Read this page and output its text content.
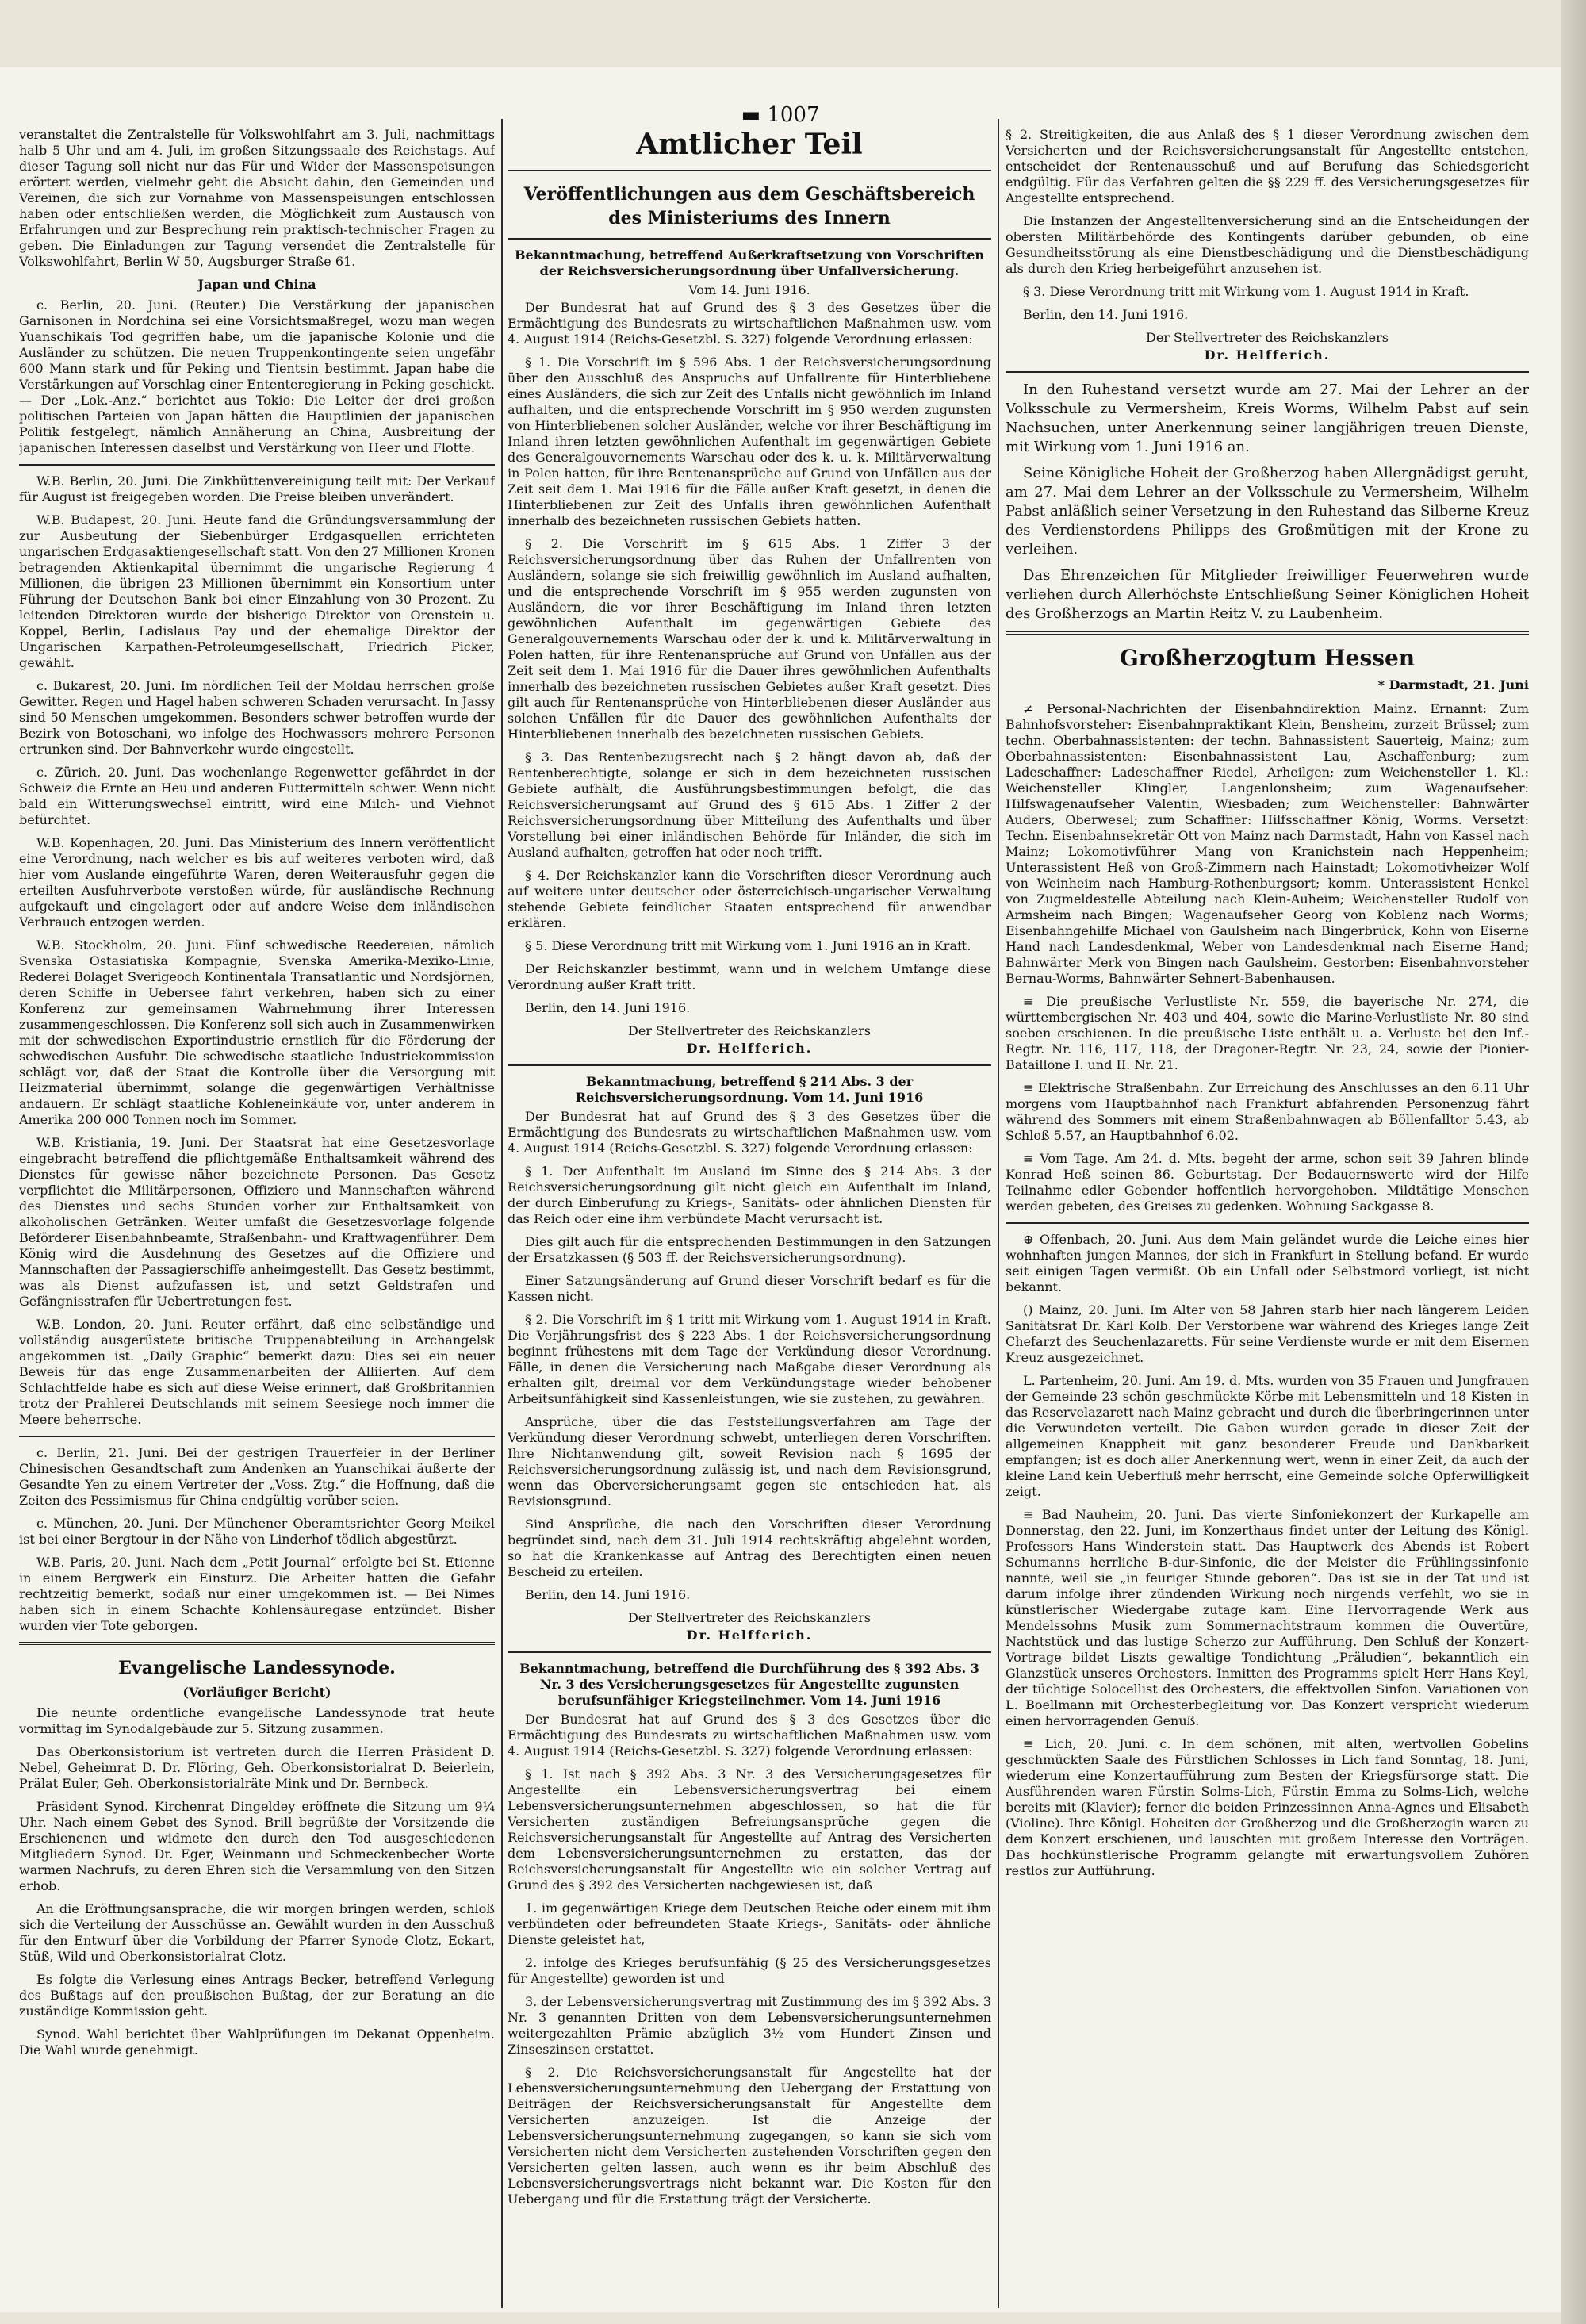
▬ 1007

veranstaltet die Zentralstelle für Volkswohlfahrt am 3. Juli, nachmittags halb 5 Uhr und am 4. Juli, im großen Sitzungssaale des Reichstags. Auf dieser Tagung soll nicht nur das Für und Wider der Massenspeisungen erörtert werden, vielmehr geht die Absicht dahin, den Gemeinden und Vereinen, die sich zur Vornahme von Massenspeisungen entschlossen haben oder entschließen werden, die Möglichkeit zum Austausch von Erfahrungen und zur Besprechung rein praktisch-technischer Fragen zu geben. Die Einladungen zur Tagung versendet die Zentralstelle für Volkswohlfahrt, Berlin W 50, Augsburger Straße 61.

Japan und China

c. Berlin, 20. Juni. (Reuter.) Die Verstärkung der japanischen Garnisonen in Nordchina sei eine Vorsichtsmaßregel, wozu man wegen Yuanschikais Tod gegriffen habe, um die japanische Kolonie und die Ausländer zu schützen. Die neuen Truppenkontingente seien ungefähr 600 Mann stark und für Peking und Tientsin bestimmt. Japan habe die Verstärkungen auf Vorschlag einer Ententeregierung in Peking geschickt. — Der „Lok.-Anz.“ berichtet aus Tokio: Die Leiter der drei großen politischen Parteien von Japan hätten die Hauptlinien der japanischen Politik festgelegt, nämlich Annäherung an China, Ausbreitung der japanischen Interessen daselbst und Verstärkung von Heer und Flotte.

W.B. Berlin, 20. Juni. Die Zinkhüttenvereinigung teilt mit: Der Verkauf für August ist freigegeben worden. Die Preise bleiben unverändert.

W.B. Budapest, 20. Juni. Heute fand die Gründungsversammlung der zur Ausbeutung der Siebenbürger Erdgasquellen errichteten ungarischen Erdgasaktiengesellschaft statt. Von den 27 Millionen Kronen betragenden Aktienkapital übernimmt die ungarische Regierung 4 Millionen, die übrigen 23 Millionen übernimmt ein Konsortium unter Führung der Deutschen Bank bei einer Einzahlung von 30 Prozent. Zu leitenden Direktoren wurde der bisherige Direktor von Orenstein u. Koppel, Berlin, Ladislaus Pay und der ehemalige Direktor der Ungarischen Karpathen-Petroleumgesellschaft, Friedrich Picker, gewählt.

c. Bukarest, 20. Juni. Im nördlichen Teil der Moldau herrschen große Gewitter. Regen und Hagel haben schweren Schaden verursacht. In Jassy sind 50 Menschen umgekommen. Besonders schwer betroffen wurde der Bezirk von Botoschani, wo infolge des Hochwassers mehrere Personen ertrunken sind. Der Bahnverkehr wurde eingestellt.

c. Zürich, 20. Juni. Das wochenlange Regenwetter gefährdet in der Schweiz die Ernte an Heu und anderen Futtermitteln schwer. Wenn nicht bald ein Witterungswechsel eintritt, wird eine Milch- und Viehnot befürchtet.

W.B. Kopenhagen, 20. Juni. Das Ministerium des Innern veröffentlicht eine Verordnung, nach welcher es bis auf weiteres verboten wird, daß hier vom Auslande eingeführte Waren, deren Weiterausfuhr gegen die erteilten Ausfuhrverbote verstoßen würde, für ausländische Rechnung aufgekauft und eingelagert oder auf andere Weise dem inländischen Verbrauch entzogen werden.

W.B. Stockholm, 20. Juni. Fünf schwedische Reedereien, nämlich Svenska Ostasiatiska Kompagnie, Svenska Amerika-Mexiko-Linie, Rederei Bolaget Sverigeoch Kontinentala Transatlantic und Nordsjörnen, deren Schiffe in Uebersee fahrt verkehren, haben sich zu einer Konferenz zur gemeinsamen Wahrnehmung ihrer Interessen zusammengeschlossen. Die Konferenz soll sich auch in Zusammenwirken mit der schwedischen Exportindustrie ernstlich für die Förderung der schwedischen Ausfuhr. Die schwedische staatliche Industriekommission schlägt vor, daß der Staat die Kontrolle über die Versorgung mit Heizmaterial übernimmt, solange die gegenwärtigen Verhältnisse andauern. Er schlägt staatliche Kohleneinkäufe vor, unter anderem in Amerika 200 000 Tonnen noch im Sommer.

W.B. Kristiania, 19. Juni. Der Staatsrat hat eine Gesetzesvorlage eingebracht betreffend die pflichtgemäße Enthaltsamkeit während des Dienstes für gewisse näher bezeichnete Personen. Das Gesetz verpflichtet die Militärpersonen, Offiziere und Mannschaften während des Dienstes und sechs Stunden vorher zur Enthaltsamkeit von alkoholischen Getränken. Weiter umfaßt die Gesetzesvorlage folgende Beförderer Eisenbahnbeamte, Straßenbahn- und Kraftwagenführer. Dem König wird die Ausdehnung des Gesetzes auf die Offiziere und Mannschaften der Passagierschiffe anheimgestellt. Das Gesetz bestimmt, was als Dienst aufzufassen ist, und setzt Geldstrafen und Gefängnisstrafen für Uebertretungen fest.

W.B. London, 20. Juni. Reuter erfährt, daß eine selbständige und vollständig ausgerüstete britische Truppenabteilung in Archangelsk angekommen ist. „Daily Graphic“ bemerkt dazu: Dies sei ein neuer Beweis für das enge Zusammenarbeiten der Alliierten. Auf dem Schlachtfelde habe es sich auf diese Weise erinnert, daß Großbritannien trotz der Prahlerei Deutschlands mit seinem Seesiege noch immer die Meere beherrsche.

c. Berlin, 21. Juni. Bei der gestrigen Trauerfeier in der Berliner Chinesischen Gesandtschaft zum Andenken an Yuanschikai äußerte der Gesandte Yen zu einem Vertreter der „Voss. Ztg.“ die Hoffnung, daß die Zeiten des Pessimismus für China endgültig vorüber seien.

c. München, 20. Juni. Der Münchener Oberamtsrichter Georg Meikel ist bei einer Bergtour in der Nähe von Linderhof tödlich abgestürzt.

W.B. Paris, 20. Juni. Nach dem „Petit Journal“ erfolgte bei St. Etienne in einem Bergwerk ein Einsturz. Die Arbeiter hatten die Gefahr rechtzeitig bemerkt, sodaß nur einer umgekommen ist. — Bei Nimes haben sich in einem Schachte Kohlensäuregase entzündet. Bisher wurden vier Tote geborgen.

Evangelische Landessynode.
(Vorläufiger Bericht)

Die neunte ordentliche evangelische Landessynode trat heute vormittag im Synodalgebäude zur 5. Sitzung zusammen.

Das Oberkonsistorium ist vertreten durch die Herren Präsident D. Nebel, Geheimrat D. Dr. Flöring, Geh. Oberkonsistorialrat D. Beierlein, Prälat Euler, Geh. Oberkonsistorialräte Mink und Dr. Bernbeck.

Präsident Synod. Kirchenrat Dingeldey eröffnete die Sitzung um 9¼ Uhr. Nach einem Gebet des Synod. Brill begrüßte der Vorsitzende die Erschienenen und widmete den durch den Tod ausgeschiedenen Mitgliedern Synod. Dr. Eger, Weinmann und Schmeckenbecher Worte warmen Nachrufs, zu deren Ehren sich die Versammlung von den Sitzen erhob.

An die Eröffnungsansprache, die wir morgen bringen werden, schloß sich die Verteilung der Ausschüsse an. Gewählt wurden in den Ausschuß für den Entwurf über die Vorbildung der Pfarrer Synode Clotz, Eckart, Stüß, Wild und Oberkonsistorialrat Clotz.

Es folgte die Verlesung eines Antrags Becker, betreffend Verlegung des Bußtags auf den preußischen Bußtag, der zur Beratung an die zuständige Kommission geht.

Synod. Wahl berichtet über Wahlprüfungen im Dekanat Oppenheim. Die Wahl wurde genehmigt.

Amtlicher Teil
Veröffentlichungen aus dem Geschäftsbereich des Ministeriums des Innern
Bekanntmachung, betreffend Außerkraftsetzung von Vorschriften der Reichsversicherungsordnung über Unfallversicherung.
Vom 14. Juni 1916.

Der Bundesrat hat auf Grund des § 3 des Gesetzes über die Ermächtigung des Bundesrats zu wirtschaftlichen Maßnahmen usw. vom 4. August 1914 (Reichs-Gesetzbl. S. 327) folgende Verordnung erlassen:

§ 1. Die Vorschrift im § 596 Abs. 1 der Reichsversicherungsordnung über den Ausschluß des Anspruchs auf Unfallrente für Hinterbliebene eines Ausländers, die sich zur Zeit des Unfalls nicht gewöhnlich im Inland aufhalten, und die entsprechende Vorschrift im § 950 werden zugunsten von Hinterbliebenen solcher Ausländer, welche vor ihrer Beschäftigung im Inland ihren letzten gewöhnlichen Aufenthalt im gegenwärtigen Gebiete des Generalgouvernements Warschau oder des k. u. k. Militärverwaltung in Polen hatten, für ihre Rentenansprüche auf Grund von Unfällen aus der Zeit seit dem 1. Mai 1916 für die Fälle außer Kraft gesetzt, in denen die Hinterbliebenen zur Zeit des Unfalls ihren gewöhnlichen Aufenthalt innerhalb des bezeichneten russischen Gebiets hatten.

§ 2. Die Vorschrift im § 615 Abs. 1 Ziffer 3 der Reichsversicherungsordnung über das Ruhen der Unfallrenten von Ausländern, solange sie sich freiwillig gewöhnlich im Ausland aufhalten, und die entsprechende Vorschrift im § 955 werden zugunsten von Ausländern, die vor ihrer Beschäftigung im Inland ihren letzten gewöhnlichen Aufenthalt im gegenwärtigen Gebiete des Generalgouvernements Warschau oder der k. und k. Militärverwaltung in Polen hatten, für ihre Rentenansprüche auf Grund von Unfällen aus der Zeit seit dem 1. Mai 1916 für die Dauer ihres gewöhnlichen Aufenthalts innerhalb des bezeichneten russischen Gebietes außer Kraft gesetzt. Dies gilt auch für Rentenansprüche von Hinterbliebenen dieser Ausländer aus solchen Unfällen für die Dauer des gewöhnlichen Aufenthalts der Hinterbliebenen innerhalb des bezeichneten russischen Gebiets.

§ 3. Das Rentenbezugsrecht nach § 2 hängt davon ab, daß der Rentenberechtigte, solange er sich in dem bezeichneten russischen Gebiete aufhält, die Ausführungsbestimmungen befolgt, die das Reichsversicherungsamt auf Grund des § 615 Abs. 1 Ziffer 2 der Reichsversicherungsordnung über Mitteilung des Aufenthalts und über Vorstellung bei einer inländischen Behörde für Inländer, die sich im Ausland aufhalten, getroffen hat oder noch trifft.

§ 4. Der Reichskanzler kann die Vorschriften dieser Verordnung auch auf weitere unter deutscher oder österreichisch-ungarischer Verwaltung stehende Gebiete feindlicher Staaten entsprechend für anwendbar erklären.

§ 5. Diese Verordnung tritt mit Wirkung vom 1. Juni 1916 an in Kraft.

Der Reichskanzler bestimmt, wann und in welchem Umfange diese Verordnung außer Kraft tritt.

Berlin, den 14. Juni 1916.

Der Stellvertreter des Reichskanzlers
Dr. Helfferich.
Bekanntmachung, betreffend § 214 Abs. 3 der Reichsversicherungsordnung. Vom 14. Juni 1916

Der Bundesrat hat auf Grund des § 3 des Gesetzes über die Ermächtigung des Bundesrats zu wirtschaftlichen Maßnahmen usw. vom 4. August 1914 (Reichs-Gesetzbl. S. 327) folgende Verordnung erlassen:

§ 1. Der Aufenthalt im Ausland im Sinne des § 214 Abs. 3 der Reichsversicherungsordnung gilt nicht gleich ein Aufenthalt im Inland, der durch Einberufung zu Kriegs-, Sanitäts- oder ähnlichen Diensten für das Reich oder eine ihm verbündete Macht verursacht ist.

Dies gilt auch für die entsprechenden Bestimmungen in den Satzungen der Ersatzkassen (§ 503 ff. der Reichsversicherungsordnung).

Einer Satzungsänderung auf Grund dieser Vorschrift bedarf es für die Kassen nicht.

§ 2. Die Vorschrift im § 1 tritt mit Wirkung vom 1. August 1914 in Kraft. Die Verjährungsfrist des § 223 Abs. 1 der Reichsversicherungsordnung beginnt frühestens mit dem Tage der Verkündung dieser Verordnung. Fälle, in denen die Versicherung nach Maßgabe dieser Verordnung als erhalten gilt, dreimal vor dem Verkündungstage wieder behobener Arbeitsunfähigkeit sind Kassenleistungen, wie sie zustehen, zu gewähren.

Ansprüche, über die das Feststellungsverfahren am Tage der Verkündung dieser Verordnung schwebt, unterliegen deren Vorschriften. Ihre Nichtanwendung gilt, soweit Revision nach § 1695 der Reichsversicherungsordnung zulässig ist, und nach dem Revisionsgrund, wenn das Oberversicherungsamt gegen sie entschieden hat, als Revisionsgrund.

Sind Ansprüche, die nach den Vorschriften dieser Verordnung begründet sind, nach dem 31. Juli 1914 rechtskräftig abgelehnt worden, so hat die Krankenkasse auf Antrag des Berechtigten einen neuen Bescheid zu erteilen.

Berlin, den 14. Juni 1916.

Der Stellvertreter des Reichskanzlers
Dr. Helfferich.
Bekanntmachung, betreffend die Durchführung des § 392 Abs. 3 Nr. 3 des Versicherungsgesetzes für Angestellte zugunsten berufsunfähiger Kriegsteilnehmer. Vom 14. Juni 1916

Der Bundesrat hat auf Grund des § 3 des Gesetzes über die Ermächtigung des Bundesrats zu wirtschaftlichen Maßnahmen usw. vom 4. August 1914 (Reichs-Gesetzbl. S. 327) folgende Verordnung erlassen:

§ 1. Ist nach § 392 Abs. 3 Nr. 3 des Versicherungsgesetzes für Angestellte ein Lebensversicherungsvertrag bei einem Lebensversicherungsunternehmen abgeschlossen, so hat die für Versicherten zuständigen Befreiungsansprüche gegen die Reichsversicherungsanstalt für Angestellte auf Antrag des Versicherten dem Lebensversicherungsunternehmen zu erstatten, das der Reichsversicherungsanstalt für Angestellte wie ein solcher Vertrag auf Grund des § 392 des Versicherten nachgewiesen ist, daß

1. im gegenwärtigen Kriege dem Deutschen Reiche oder einem mit ihm verbündeten oder befreundeten Staate Kriegs-, Sanitäts- oder ähnliche Dienste geleistet hat,

2. infolge des Krieges berufsunfähig (§ 25 des Versicherungsgesetzes für Angestellte) geworden ist und

3. der Lebensversicherungsvertrag mit Zustimmung des im § 392 Abs. 3 Nr. 3 genannten Dritten von dem Lebensversicherungsunternehmen weitergezahlten Prämie abzüglich 3½ vom Hundert Zinsen und Zinseszinsen erstattet.

§ 2. Die Reichsversicherungsanstalt für Angestellte hat der Lebensversicherungsunternehmung den Uebergang der Erstattung von Beiträgen der Reichsversicherungsanstalt für Angestellte dem Versicherten anzuzeigen. Ist die Anzeige der Lebensversicherungsunternehmung zugegangen, so kann sie sich vom Versicherten nicht dem Versicherten zustehenden Vorschriften gegen den Versicherten gelten lassen, auch wenn es ihr beim Abschluß des Lebensversicherungsvertrags nicht bekannt war. Die Kosten für den Uebergang und für die Erstattung trägt der Versicherte.

§ 2. Streitigkeiten, die aus Anlaß des § 1 dieser Verordnung zwischen dem Versicherten und der Reichsversicherungsanstalt für Angestellte entstehen, entscheidet der Rentenausschuß und auf Berufung das Schiedsgericht endgültig. Für das Verfahren gelten die §§ 229 ff. des Versicherungsgesetzes für Angestellte entsprechend.

Die Instanzen der Angestelltenversicherung sind an die Entscheidungen der obersten Militärbehörde des Kontingents darüber gebunden, ob eine Gesundheitsstörung als eine Dienstbeschädigung und die Dienstbeschädigung als durch den Krieg herbeigeführt anzusehen ist.

§ 3. Diese Verordnung tritt mit Wirkung vom 1. August 1914 in Kraft.

Berlin, den 14. Juni 1916.

Der Stellvertreter des Reichskanzlers
Dr. Helfferich.

In den Ruhestand versetzt wurde am 27. Mai der Lehrer an der Volksschule zu Vermersheim, Kreis Worms, Wilhelm Pabst auf sein Nachsuchen, unter Anerkennung seiner langjährigen treuen Dienste, mit Wirkung vom 1. Juni 1916 an.

Seine Königliche Hoheit der Großherzog haben Allergnädigst geruht, am 27. Mai dem Lehrer an der Volksschule zu Vermersheim, Wilhelm Pabst anläßlich seiner Versetzung in den Ruhestand das Silberne Kreuz des Verdienstordens Philipps des Großmütigen mit der Krone zu verleihen.

Das Ehrenzeichen für Mitglieder freiwilliger Feuerwehren wurde verliehen durch Allerhöchste Entschließung Seiner Königlichen Hoheit des Großherzogs an Martin Reitz V. zu Laubenheim.

Großherzogtum Hessen
* Darmstadt, 21. Juni

≠ Personal-Nachrichten der Eisenbahndirektion Mainz. Ernannt: Zum Bahnhofsvorsteher: Eisenbahnpraktikant Klein, Bensheim, zurzeit Brüssel; zum techn. Oberbahnassistenten: der techn. Bahnassistent Sauerteig, Mainz; zum Oberbahnassistenten: Eisenbahnassistent Lau, Aschaffenburg; zum Ladeschaffner: Ladeschaffner Riedel, Arheilgen; zum Weichensteller 1. Kl.: Weichensteller Klingler, Langenlonsheim; zum Wagenaufseher: Hilfswagenaufseher Valentin, Wiesbaden; zum Weichensteller: Bahnwärter Auders, Oberwesel; zum Schaffner: Hilfsschaffner König, Worms. Versetzt: Techn. Eisenbahnsekretär Ott von Mainz nach Darmstadt, Hahn von Kassel nach Mainz; Lokomotivführer Mang von Kranichstein nach Heppenheim; Unterassistent Heß von Groß-Zimmern nach Hainstadt; Lokomotivheizer Wolf von Weinheim nach Hamburg-Rothenburgsort; komm. Unterassistent Henkel von Zugmeldestelle Abteilung nach Klein-Auheim; Weichensteller Rudolf von Armsheim nach Bingen; Wagenaufseher Georg von Koblenz nach Worms; Eisenbahngehilfe Michael von Gaulsheim nach Bingerbrück, Kohn von Eiserne Hand nach Landesdenkmal, Weber von Landesdenkmal nach Eiserne Hand; Bahnwärter Merk von Bingen nach Gaulsheim. Gestorben: Eisenbahnvorsteher Bernau-Worms, Bahnwärter Sehnert-Babenhausen.

≡ Die preußische Verlustliste Nr. 559, die bayerische Nr. 274, die württembergischen Nr. 403 und 404, sowie die Marine-Verlustliste Nr. 80 sind soeben erschienen. In die preußische Liste enthält u. a. Verluste bei den Inf.-Regtr. Nr. 116, 117, 118, der Dragoner-Regtr. Nr. 23, 24, sowie der Pionier-Bataillone I. und II. Nr. 21.

≡ Elektrische Straßenbahn. Zur Erreichung des Anschlusses an den 6.11 Uhr morgens vom Hauptbahnhof nach Frankfurt abfahrenden Personenzug fährt während des Sommers mit einem Straßenbahnwagen ab Böllenfalltor 5.43, ab Schloß 5.57, an Hauptbahnhof 6.02.

≡ Vom Tage. Am 24. d. Mts. begeht der arme, schon seit 39 Jahren blinde Konrad Heß seinen 86. Geburtstag. Der Bedauernswerte wird der Hilfe Teilnahme edler Gebender hoffentlich hervorgehoben. Mildtätige Menschen werden gebeten, des Greises zu gedenken. Wohnung Sackgasse 8.

⊕ Offenbach, 20. Juni. Aus dem Main geländet wurde die Leiche eines hier wohnhaften jungen Mannes, der sich in Frankfurt in Stellung befand. Er wurde seit einigen Tagen vermißt. Ob ein Unfall oder Selbstmord vorliegt, ist nicht bekannt.

() Mainz, 20. Juni. Im Alter von 58 Jahren starb hier nach längerem Leiden Sanitätsrat Dr. Karl Kolb. Der Verstorbene war während des Krieges lange Zeit Chefarzt des Seuchenlazaretts. Für seine Verdienste wurde er mit dem Eisernen Kreuz ausgezeichnet.

L. Partenheim, 20. Juni. Am 19. d. Mts. wurden von 35 Frauen und Jungfrauen der Gemeinde 23 schön geschmückte Körbe mit Lebensmitteln und 18 Kisten in das Reservelazarett nach Mainz gebracht und durch die überbringerinnen unter die Verwundeten verteilt. Die Gaben wurden gerade in dieser Zeit der allgemeinen Knappheit mit ganz besonderer Freude und Dankbarkeit empfangen; ist es doch aller Anerkennung wert, wenn in einer Zeit, da auch der kleine Land kein Ueberfluß mehr herrscht, eine Gemeinde solche Opferwilligkeit zeigt.

≡ Bad Nauheim, 20. Juni. Das vierte Sinfoniekonzert der Kurkapelle am Donnerstag, den 22. Juni, im Konzerthaus findet unter der Leitung des Königl. Professors Hans Winderstein statt. Das Hauptwerk des Abends ist Robert Schumanns herrliche B-dur-Sinfonie, die der Meister die Frühlingssinfonie nannte, weil sie „in feuriger Stunde geboren“. Das ist sie in der Tat und ist darum infolge ihrer zündenden Wirkung noch nirgends verfehlt, wo sie in künstlerischer Wiedergabe zutage kam. Eine Hervorragende Werk aus Mendelssohns Musik zum Sommernachtstraum kommen die Ouvertüre, Nachtstück und das lustige Scherzo zur Aufführung. Den Schluß der Konzert-Vortrage bildet Liszts gewaltige Tondichtung „Präludien“, bekanntlich ein Glanzstück unseres Orchesters. Inmitten des Programms spielt Herr Hans Keyl, der tüchtige Solocellist des Orchesters, die effektvollen Sinfon. Variationen von L. Boellmann mit Orchesterbegleitung vor. Das Konzert verspricht wiederum einen hervorragenden Genuß.

≡ Lich, 20. Juni. c. In dem schönen, mit alten, wertvollen Gobelins geschmückten Saale des Fürstlichen Schlosses in Lich fand Sonntag, 18. Juni, wiederum eine Konzertaufführung zum Besten der Kriegsfürsorge statt. Die Ausführenden waren Fürstin Solms-Lich, Fürstin Emma zu Solms-Lich, welche bereits mit (Klavier); ferner die beiden Prinzessinnen Anna-Agnes und Elisabeth (Violine). Ihre Königl. Hoheiten der Großherzog und die Großherzogin waren zu dem Konzert erschienen, und lauschten mit großem Interesse den Vorträgen. Das hochkünstlerische Programm gelangte mit erwartungsvollem Zuhören restlos zur Aufführung.
